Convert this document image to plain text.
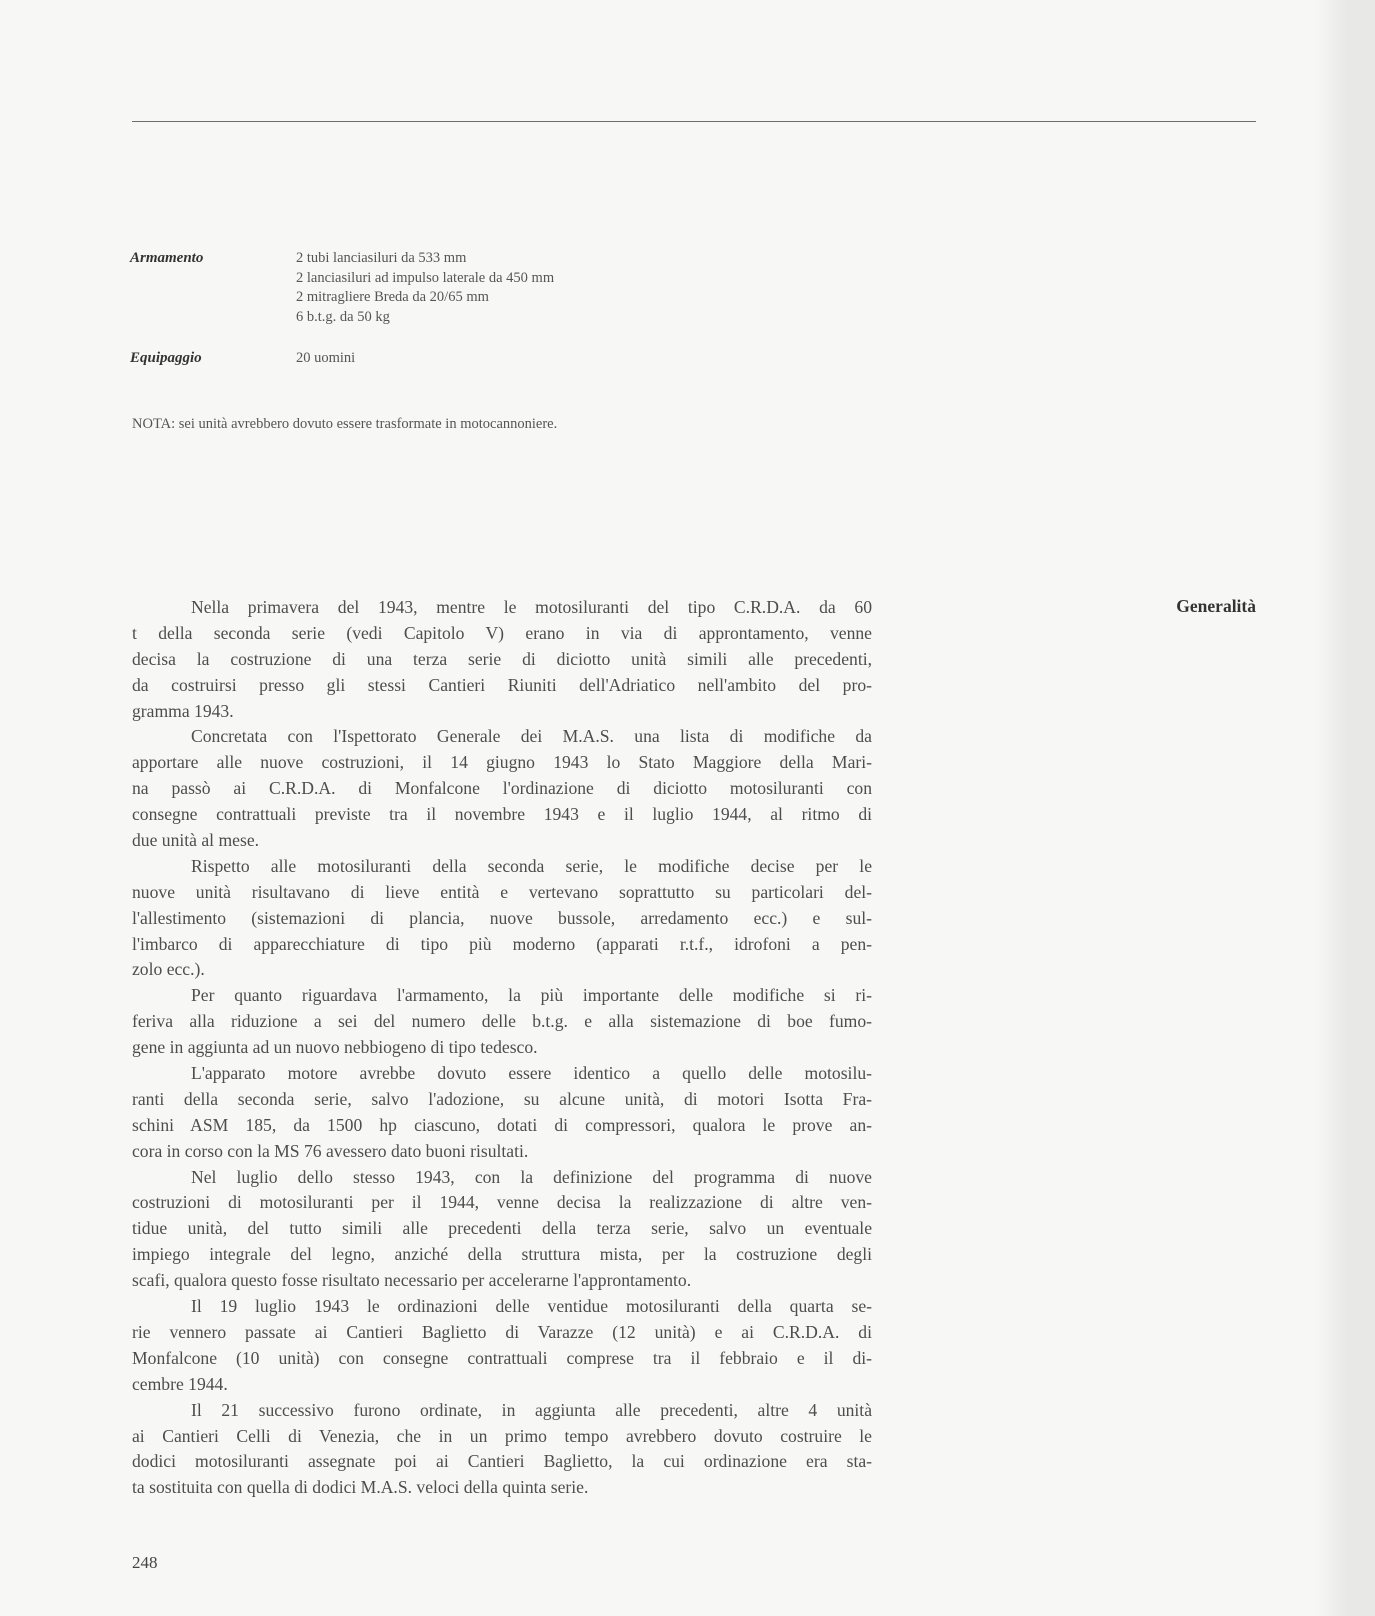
Armamento	2 tubi lanciasiluri da 533 mm
2 lanciasiluri ad impulso laterale da 450 mm
2 mitragliere Breda da 20/65 mm
6 b.t.g. da 50 kg
Equipaggio	20 uomini
NOTA: sei unità avrebbero dovuto essere trasformate in motocannoniere.
Generalità
Nella primavera del 1943, mentre le motosiluranti del tipo C.R.D.A. da 60
t della seconda serie (vedi Capitolo V) erano in via di approntamento, venne
decisa la costruzione di una terza serie di diciotto unità simili alle precedenti,
da costruirsi presso gli stessi Cantieri Riuniti dell'Adriatico nell'ambito del pro-
gramma 1943.
Concretata con l'Ispettorato Generale dei M.A.S. una lista di modifiche da
apportare alle nuove costruzioni, il 14 giugno 1943 lo Stato Maggiore della Mari-
na passò ai C.R.D.A. di Monfalcone l'ordinazione di diciotto motosiluranti con
consegne contrattuali previste tra il novembre 1943 e il luglio 1944, al ritmo di
due unità al mese.
Rispetto alle motosiluranti della seconda serie, le modifiche decise per le
nuove unità risultavano di lieve entità e vertevano soprattutto su particolari del-
l'allestimento (sistemazioni di plancia, nuove bussole, arredamento ecc.) e sul-
l'imbarco di apparecchiature di tipo più moderno (apparati r.t.f., idrofoni a pen-
zolo ecc.).
Per quanto riguardava l'armamento, la più importante delle modifiche si ri-
feriva alla riduzione a sei del numero delle b.t.g. e alla sistemazione di boe fumo-
gene in aggiunta ad un nuovo nebbiogeno di tipo tedesco.
L'apparato motore avrebbe dovuto essere identico a quello delle motosilu-
ranti della seconda serie, salvo l'adozione, su alcune unità, di motori Isotta Fra-
schini ASM 185, da 1500 hp ciascuno, dotati di compressori, qualora le prove an-
cora in corso con la MS 76 avessero dato buoni risultati.
Nel luglio dello stesso 1943, con la definizione del programma di nuove
costruzioni di motosiluranti per il 1944, venne decisa la realizzazione di altre ven-
tidue unità, del tutto simili alle precedenti della terza serie, salvo un eventuale
impiego integrale del legno, anziché della struttura mista, per la costruzione degli
scafi, qualora questo fosse risultato necessario per accelerarne l'approntamento.
Il 19 luglio 1943 le ordinazioni delle ventidue motosiluranti della quarta se-
rie vennero passate ai Cantieri Baglietto di Varazze (12 unità) e ai C.R.D.A. di
Monfalcone (10 unità) con consegne contrattuali comprese tra il febbraio e il di-
cembre 1944.
Il 21 successivo furono ordinate, in aggiunta alle precedenti, altre 4 unità
ai Cantieri Celli di Venezia, che in un primo tempo avrebbero dovuto costruire le
dodici motosiluranti assegnate poi ai Cantieri Baglietto, la cui ordinazione era sta-
ta sostituita con quella di dodici M.A.S. veloci della quinta serie.
248
